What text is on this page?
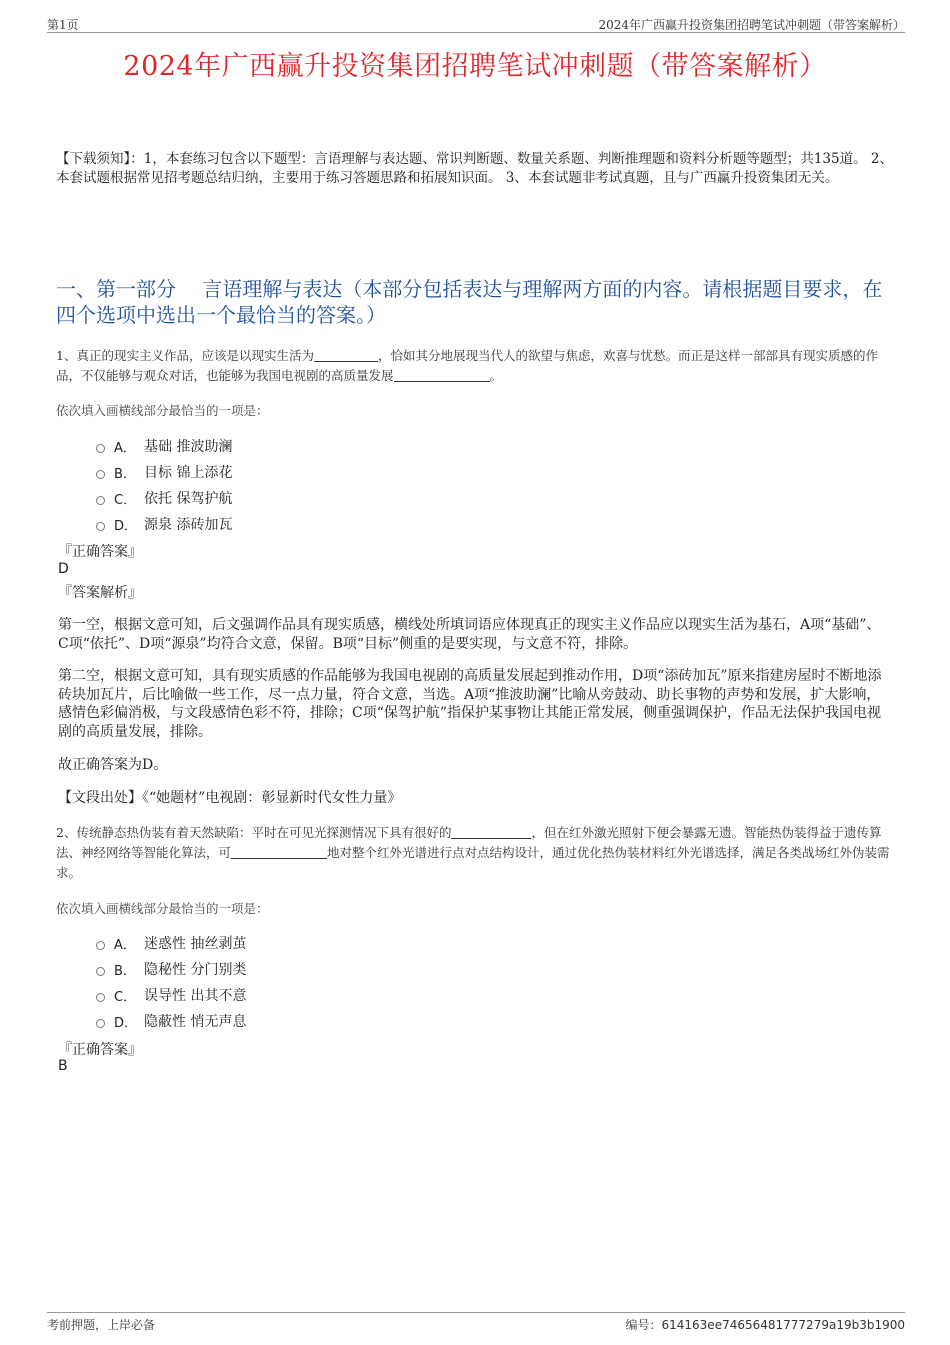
第1页	2024年广西赢升投资集团招聘笔试冲刺题（带答案解析）
2024年广西赢升投资集团招聘笔试冲刺题（带答案解析）
【下载须知】：1，本套练习包含以下题型：言语理解与表达题、常识判断题、数量关系题、判断推理题和资料分析题等题型；共135道。 2、本套试题根据常见招考题总结归纳，主要用于练习答题思路和拓展知识面。 3、本套试题非考试真题，且与广西赢升投资集团无关。
一、第一部分　 言语理解与表达（本部分包括表达与理解两方面的内容。请根据题目要求，在四个选项中选出一个最恰当的答案。）
1、真正的现实主义作品，应该是以现实生活为	，恰如其分地展现当代人的欲望与焦虑，欢喜与忧愁。而正是这样一部部具有现实质感的作品，不仅能够与观众对话，也能够为我国电视剧的高质量发展	。
依次填入画横线部分最恰当的一项是：
A． 基础 推波助澜
B． 目标 锦上添花
C． 依托 保驾护航
D． 源泉 添砖加瓦
『正确答案』
D
『答案解析』
第一空，根据文意可知，后文强调作品具有现实质感，横线处所填词语应体现真正的现实主义作品应以现实生活为基石，A项“基础”、C项“依托”、D项“源泉”均符合文意，保留。B项“目标”侧重的是要实现，与文意不符，排除。
第二空，根据文意可知，具有现实质感的作品能够为我国电视剧的高质量发展起到推动作用，D项“添砖加瓦”原来指建房屋时不断地添砖块加瓦片，后比喻做一些工作，尽一点力量，符合文意，当选。A项“推波助澜”比喻从旁鼓动、助长事物的声势和发展，扩大影响，感情色彩偏消极，与文段感情色彩不符，排除；C项“保驾护航”指保护某事物让其能正常发展，侧重强调保护，作品无法保护我国电视剧的高质量发展，排除。
故正确答案为D。
【文段出处】《“她题材”电视剧：彰显新时代女性力量》
2、传统静态热伪装有着天然缺陷：平时在可见光探测情况下具有很好的	，但在红外激光照射下便会暴露无遗。智能热伪装得益于遗传算法、神经网络等智能化算法，可	地对整个红外光谱进行点对点结构设计，通过优化热伪装材料红外光谱选择，满足各类战场红外伪装需求。
依次填入画横线部分最恰当的一项是：
A． 迷惑性 抽丝剥茧
B． 隐秘性 分门别类
C． 误导性 出其不意
D． 隐蔽性 悄无声息
『正确答案』
B
考前押题，上岸必备	编号：614163ee74656481777279a19b3b1900
